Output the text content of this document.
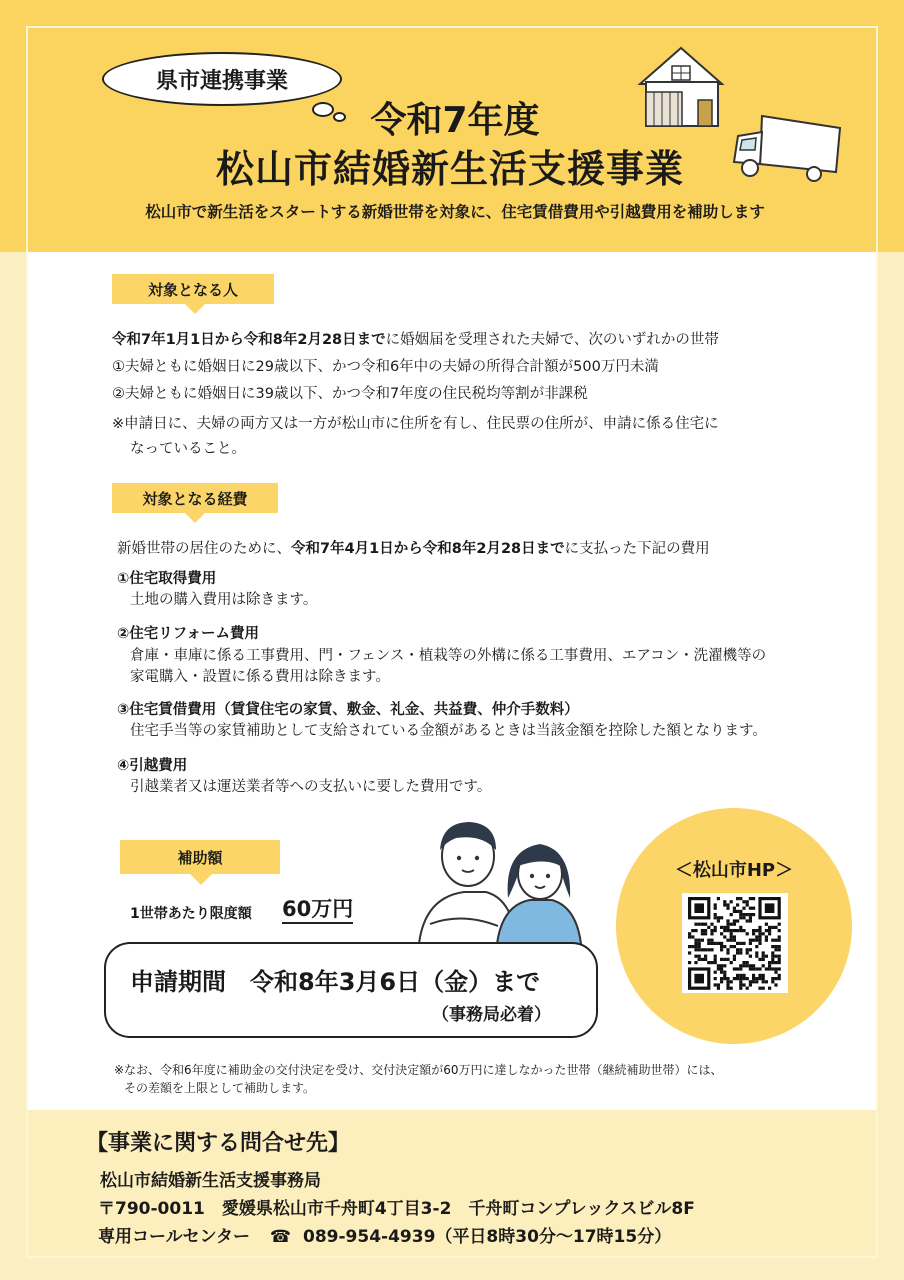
県市連携事業
令和7年度
松山市結婚新生活支援事業
松山市で新生活をスタートする新婚世帯を対象に、住宅賃借費用や引越費用を補助します
対象となる人
令和7年1月1日から令和8年2月28日までに婚姻届を受理された夫婦で、次のいずれかの世帯
①夫婦ともに婚姻日に29歳以下、かつ令和6年中の夫婦の所得合計額が500万円未満
②夫婦ともに婚姻日に39歳以下、かつ令和7年度の住民税均等割が非課税
※申請日に、夫婦の両方又は一方が松山市に住所を有し、住民票の住所が、申請に係る住宅に
なっていること。
対象となる経費
新婚世帯の居住のために、令和7年4月1日から令和8年2月28日までに支払った下記の費用
①住宅取得費用
土地の購入費用は除きます。
②住宅リフォーム費用
倉庫・車庫に係る工事費用、門・フェンス・植栽等の外構に係る工事費用、エアコン・洗濯機等の
家電購入・設置に係る費用は除きます。
③住宅賃借費用（賃貸住宅の家賃、敷金、礼金、共益費、仲介手数料）
住宅手当等の家賃補助として支給されている金額があるときは当該金額を控除した額となります。
④引越費用
引越業者又は運送業者等への支払いに要した費用です。
補助額
1世帯あたり限度額 60万円
申請期間　令和8年3月6日（金）まで
（事務局必着）
＜松山市HP＞
※なお、令和6年度に補助金の交付決定を受け、交付決定額が60万円に達しなかった世帯（継続補助世帯）には、
その差額を上限として補助します。
【事業に関する問合せ先】
松山市結婚新生活支援事務局
〒790-0011　愛媛県松山市千舟町4丁目3-2　千舟町コンプレックスビル8F
専用コールセンター ☎ 089-954-4939（平日8時30分～17時15分）
